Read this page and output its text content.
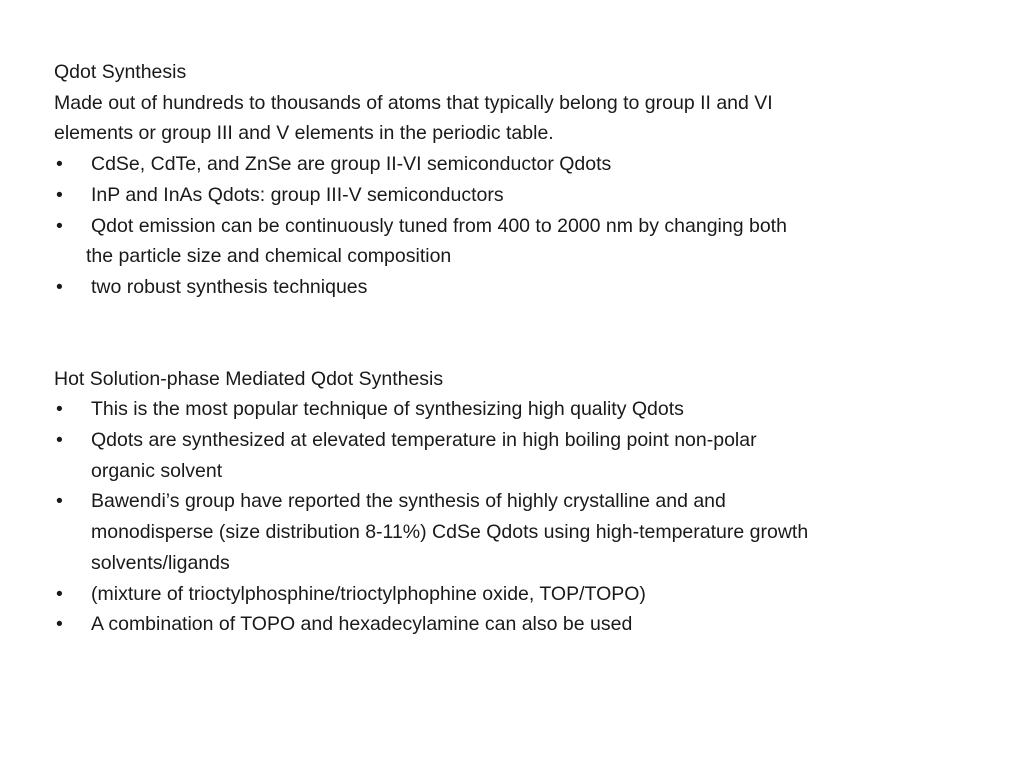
Qdot Synthesis

Made out of hundreds to thousands of atoms that typically belong to group II and VI

elements or group III and V elements in the periodic table.

•	CdSe, CdTe, and ZnSe are group II-VI semiconductor Qdots
•	InP and InAs Qdots: group III-V semiconductors
•	Qdot emission can be continuously tuned from 400 to 2000 nm by changing both
the particle size and chemical composition
•	two robust synthesis techniques

Hot Solution-phase Mediated Qdot Synthesis

•	This is the most popular technique of synthesizing high quality Qdots
•	Qdots are synthesized at elevated temperature in high boiling point non-polar
organic solvent
•	Bawendi’s group have reported the synthesis of highly crystalline and and
monodisperse (size distribution 8-11%) CdSe Qdots using high-temperature growth
solvents/ligands
•	(mixture of trioctylphosphine/trioctylphophine oxide, TOP/TOPO)
•	A combination of TOPO and hexadecylamine can also be used
